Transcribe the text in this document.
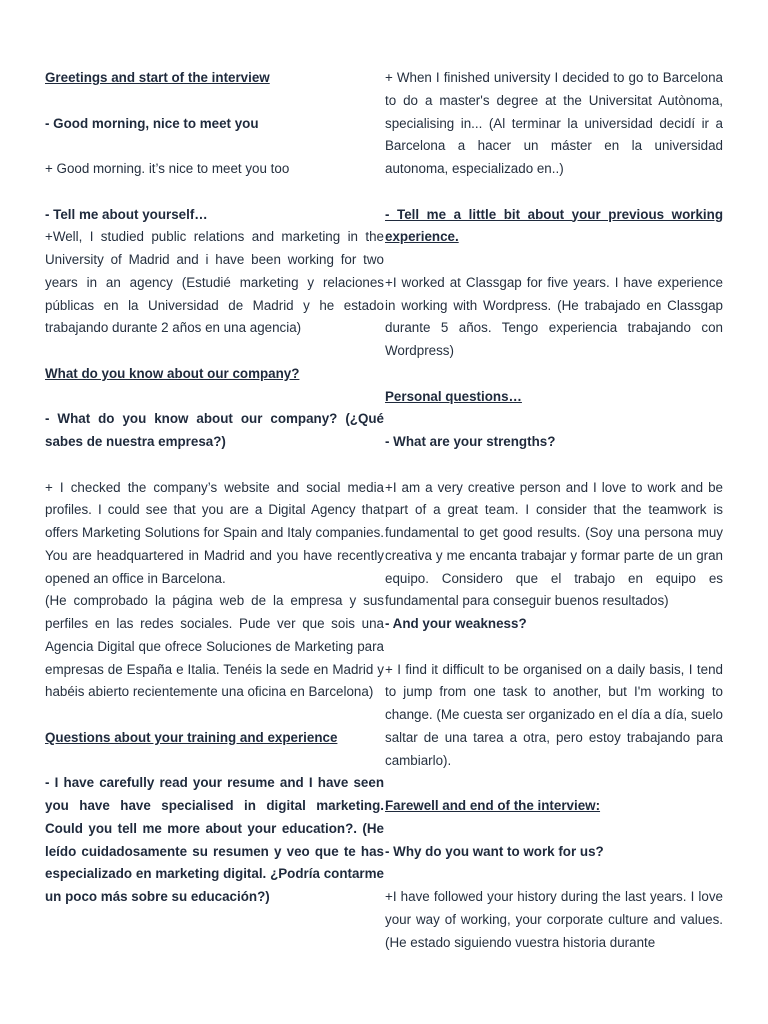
Greetings and start of the interview

- Good morning, nice to meet you

+ Good morning. it’s nice to meet you too

- Tell me about yourself…

+Well, I studied public relations and marketing in the University of Madrid and i have been working for two years in an agency (Estudié marketing y relaciones públicas en la Universidad de Madrid y he estado trabajando durante 2 años en una agencia)

What do you know about our company?

- What do you know about our company? (¿Qué sabes de nuestra empresa?)

+ I checked the company’s website and social media profiles. I could see that you are a Digital Agency that offers Marketing Solutions for Spain and Italy companies. You are headquartered in Madrid and you have recently opened an office in Barcelona.

(He comprobado la página web de la empresa y sus perfiles en las redes sociales. Pude ver que sois una Agencia Digital que ofrece Soluciones de Marketing para empresas de España e Italia. Tenéis la sede en Madrid y habéis abierto recientemente una oficina en Barcelona)

Questions about your training and experience

- I have carefully read your resume and I have seen you have have specialised in digital marketing. Could you tell me more about your education?. (He leído cuidadosamente su resumen y veo que te has especializado en marketing digital. ¿Podría contarme un poco más sobre su educación?)

+ When I finished university I decided to go to Barcelona to do a master's degree at the Universitat Autònoma, specialising in... (Al terminar la universidad decidí ir a Barcelona a hacer un máster en la universidad autonoma, especializado en..)

- Tell me a little bit about your previous working experience.

+I worked at Classgap for five years. I have experience in working with Wordpress. (He trabajado en Classgap durante 5 años. Tengo experiencia trabajando con Wordpress)

Personal questions…

- What are your strengths?

+I am a very creative person and I love to work and be part of a great team. I consider that the teamwork is fundamental to get good results. (Soy una persona muy creativa y me encanta trabajar y formar parte de un gran equipo. Considero que el trabajo en equipo es fundamental para conseguir buenos resultados)

- And your weakness?

+ I find it difficult to be organised on a daily basis, I tend to jump from one task to another, but I'm working to change. (Me cuesta ser organizado en el día a día, suelo saltar de una tarea a otra, pero estoy trabajando para cambiarlo).

Farewell and end of the interview:

- Why do you want to work for us?

+I have followed your history during the last years. I love your way of working, your corporate culture and values. (He estado siguiendo vuestra historia durante
